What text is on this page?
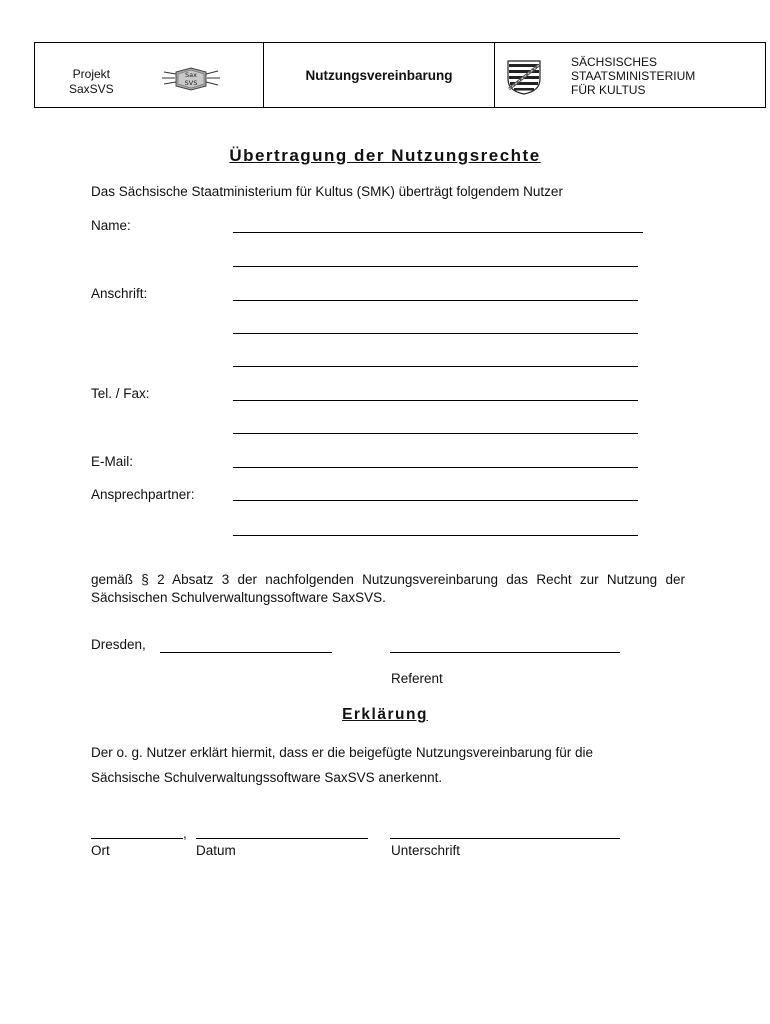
Projekt
SaxSVS
Sax
SVS
Nutzungsvereinbarung
SÄCHSISCHES
STAATSMINISTERIUM
FÜR KULTUS
Übertragung der Nutzungsrechte
Das Sächsische Staatministerium für Kultus (SMK) überträgt folgendem Nutzer
Name:
Anschrift:
Tel. / Fax:
E-Mail:
Ansprechpartner:
gemäß § 2 Absatz 3 der nachfolgenden Nutzungsvereinbarung das Recht zur Nutzung der Sächsischen Schulverwaltungssoftware SaxSVS.
Dresden,
Referent
Erklärung
Der o. g. Nutzer erklärt hiermit, dass er die beigefügte Nutzungsvereinbarung für die
Sächsische Schulverwaltungssoftware SaxSVS anerkennt.
,
Ort	Datum	Unterschrift
